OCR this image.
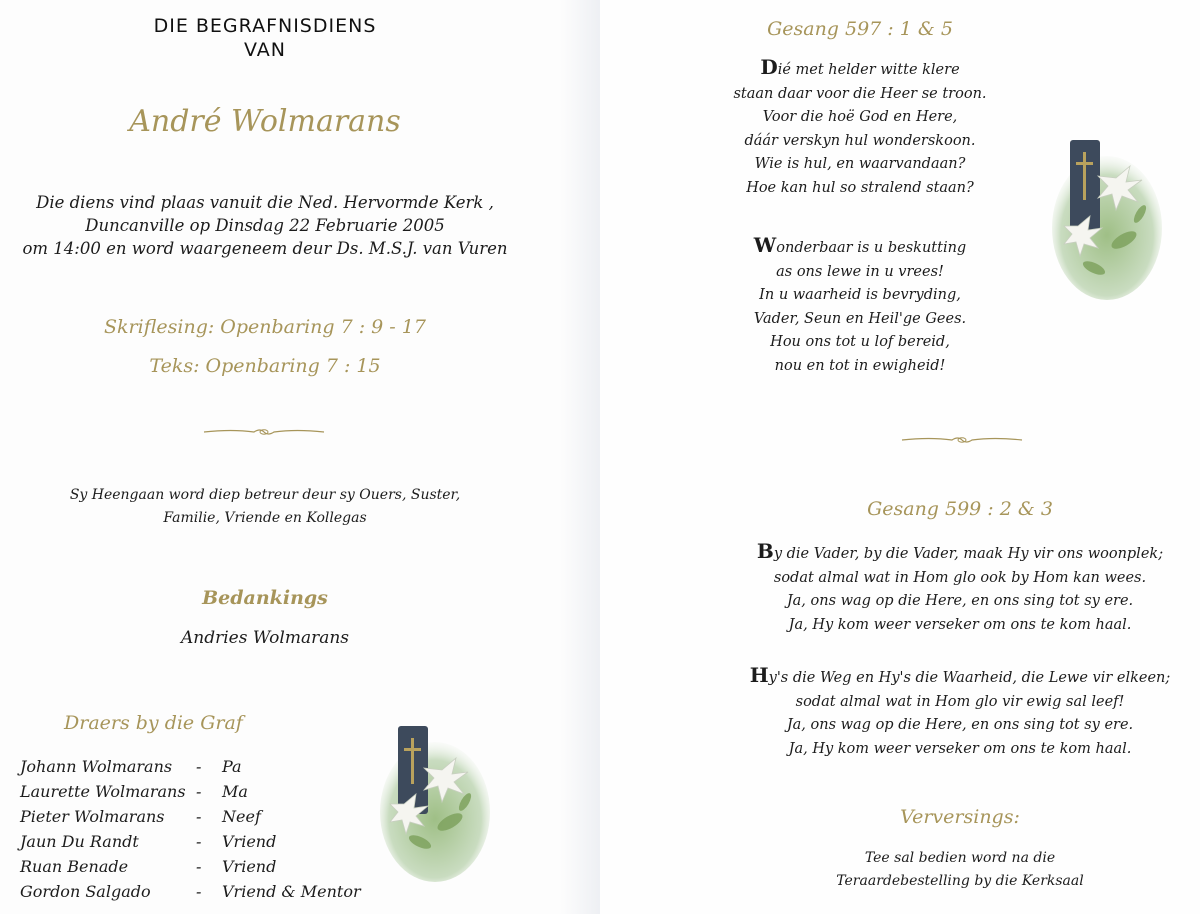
DIE BEGRAFNISDIENS
VAN
André Wolmarans
Die diens vind plaas vanuit die Ned. Hervormde Kerk ,
Duncanville op Dinsdag 22 Februarie 2005
om 14:00 en word waargeneem deur Ds. M.S.J. van Vuren
Skriflesing: Openbaring 7 : 9 - 17
Teks: Openbaring 7 : 15
Sy Heengaan word diep betreur deur sy Ouers, Suster,
Familie, Vriende en Kollegas
Bedankings
Andries Wolmarans
Draers by die Graf
Johann Wolmarans	-	Pa
Laurette Wolmarans	-	Ma
Pieter Wolmarans	-	Neef
Jaun Du Randt	-	Vriend
Ruan Benade	-	Vriend
Gordon Salgado	-	Vriend & Mentor
Gesang 597 : 1 & 5
Dié met helder witte klere
staan daar voor die Heer se troon.
Voor die hoë God en Here,
dáár verskyn hul wonderskoon.
Wie is hul, en waarvandaan?
Hoe kan hul so stralend staan?
Wonderbaar is u beskutting
as ons lewe in u vrees!
In u waarheid is bevryding,
Vader, Seun en Heil'ge Gees.
Hou ons tot u lof bereid,
nou en tot in ewigheid!
Gesang 599 : 2 & 3
By die Vader, by die Vader, maak Hy vir ons woonplek;
sodat almal wat in Hom glo ook by Hom kan wees.
Ja, ons wag op die Here, en ons sing tot sy ere.
Ja, Hy kom weer verseker om ons te kom haal.
Hy's die Weg en Hy's die Waarheid, die Lewe vir elkeen;
sodat almal wat in Hom glo vir ewig sal leef!
Ja, ons wag op die Here, en ons sing tot sy ere.
Ja, Hy kom weer verseker om ons te kom haal.
Verversings:
Tee sal bedien word na die
Teraardebestelling by die Kerksaal
